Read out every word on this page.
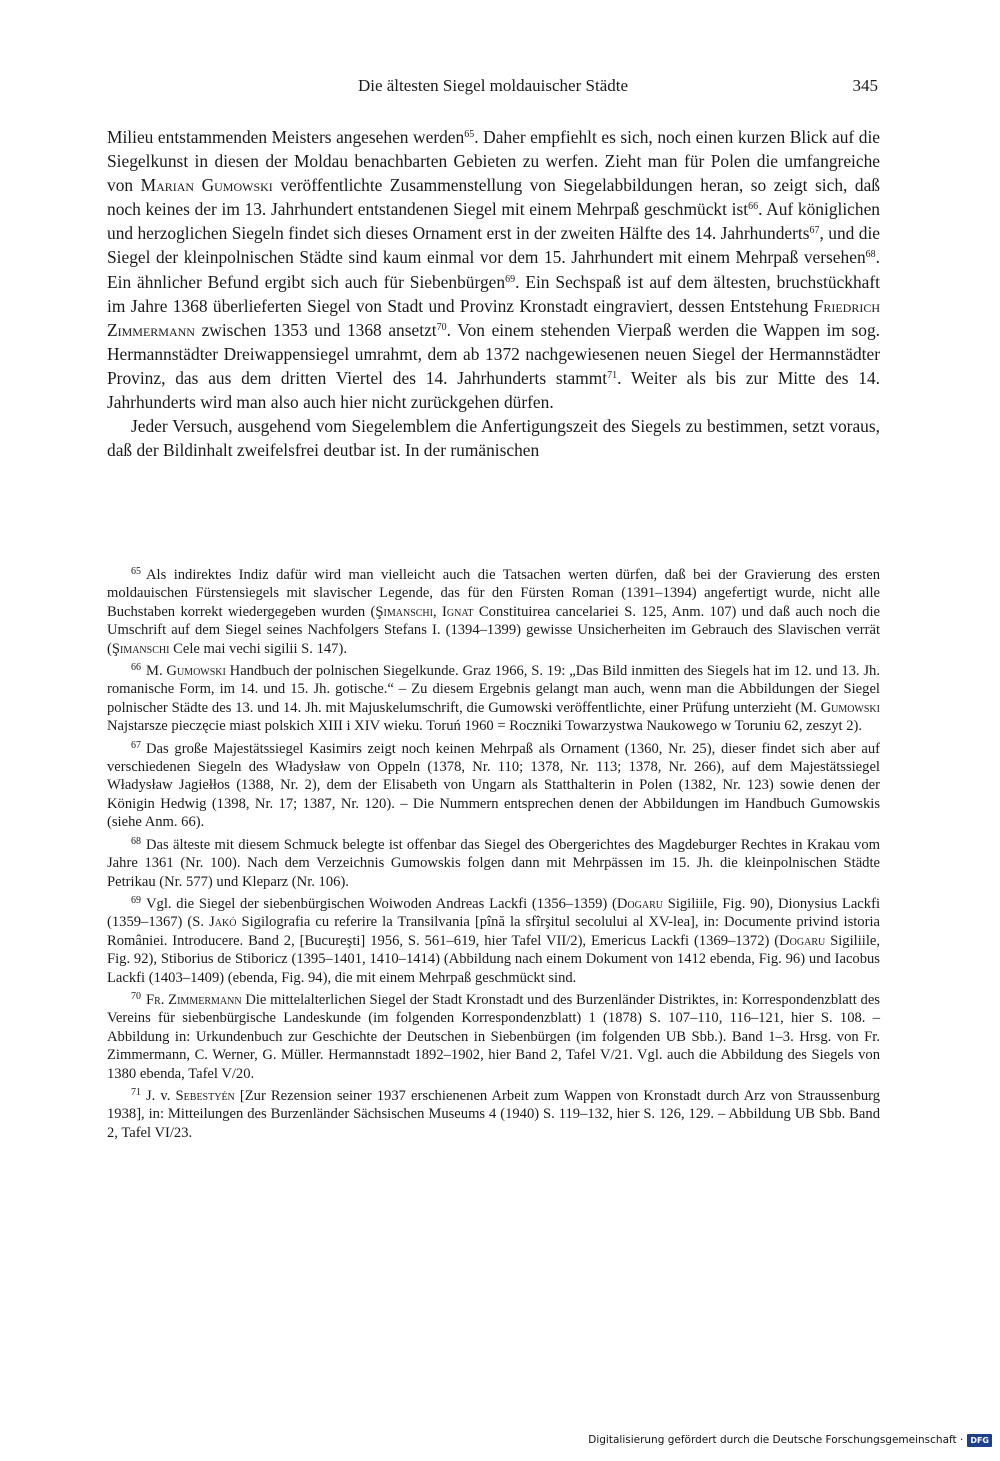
Die ältesten Siegel moldauischer Städte	345

Milieu entstammenden Meisters angesehen werden$^{65}$. Daher empfiehlt es sich, noch einen kurzen Blick auf die Siegelkunst in diesen der Moldau benachbarten Gebieten zu werfen. Zieht man für Polen die umfangreiche von Marian Gumowski veröffentlichte Zusammenstellung von Siegelabbildungen heran, so zeigt sich, daß noch keines der im 13. Jahrhundert entstandenen Siegel mit einem Mehrpaß geschmückt ist$^{66}$. Auf königlichen und herzoglichen Siegeln findet sich dieses Ornament erst in der zweiten Hälfte des 14. Jahrhunderts$^{67}$, und die Siegel der kleinpolnischen Städte sind kaum einmal vor dem 15. Jahrhundert mit einem Mehrpaß versehen$^{68}$. Ein ähnlicher Befund ergibt sich auch für Siebenbürgen$^{69}$. Ein Sechspaß ist auf dem ältesten, bruchstückhaft im Jahre 1368 überlieferten Siegel von Stadt und Provinz Kronstadt eingraviert, dessen Entstehung Friedrich Zimmermann zwischen 1353 und 1368 ansetzt$^{70}$. Von einem stehenden Vierpaß werden die Wappen im sog. Hermannstädter Dreiwappensiegel umrahmt, dem ab 1372 nachgewiesenen neuen Siegel der Hermannstädter Provinz, das aus dem dritten Viertel des 14. Jahrhunderts stammt$^{71}$. Weiter als bis zur Mitte des 14. Jahrhunderts wird man also auch hier nicht zurückgehen dürfen.

Jeder Versuch, ausgehend vom Siegelemblem die Anfertigungszeit des Siegels zu bestimmen, setzt voraus, daß der Bildinhalt zweifelsfrei deutbar ist. In der rumänischen

$^{65}$ Als indirektes Indiz dafür wird man vielleicht auch die Tatsachen werten dürfen, daß bei der Gravierung des ersten moldauischen Fürstensiegels mit slavischer Legende, das für den Fürsten Roman (1391–1394) angefertigt wurde, nicht alle Buchstaben korrekt wiedergegeben wurden (Şimanschi, Ignat Constituirea cancelariei S. 125, Anm. 107) und daß auch noch die Umschrift auf dem Siegel seines Nachfolgers Stefans I. (1394–1399) gewisse Unsicherheiten im Gebrauch des Slavischen verrät (Şimanschi Cele mai vechi sigilii S. 147).

$^{66}$ M. Gumowski Handbuch der polnischen Siegelkunde. Graz 1966, S. 19: „Das Bild inmitten des Siegels hat im 12. und 13. Jh. romanische Form, im 14. und 15. Jh. gotische.“ – Zu diesem Ergebnis gelangt man auch, wenn man die Abbildungen der Siegel polnischer Städte des 13. und 14. Jh. mit Majuskelumschrift, die Gumowski veröffentlichte, einer Prüfung unterzieht (M. Gumowski Najstarsze pieczęcie miast polskich XIII i XIV wieku. Toruń 1960 = Roczniki Towarzystwa Naukowego w Toruniu 62, zeszyt 2).

$^{67}$ Das große Majestätssiegel Kasimirs zeigt noch keinen Mehrpaß als Ornament (1360, Nr. 25), dieser findet sich aber auf verschiedenen Siegeln des Władysław von Oppeln (1378, Nr. 110; 1378, Nr. 113; 1378, Nr. 266), auf dem Majestätssiegel Władysław Jagiełłos (1388, Nr. 2), dem der Elisabeth von Ungarn als Statthalterin in Polen (1382, Nr. 123) sowie denen der Königin Hedwig (1398, Nr. 17; 1387, Nr. 120). – Die Nummern entsprechen denen der Abbildungen im Handbuch Gumowskis (siehe Anm. 66).

$^{68}$ Das älteste mit diesem Schmuck belegte ist offenbar das Siegel des Obergerichtes des Magdeburger Rechtes in Krakau vom Jahre 1361 (Nr. 100). Nach dem Verzeichnis Gumowskis folgen dann mit Mehrpässen im 15. Jh. die kleinpolnischen Städte Petrikau (Nr. 577) und Kleparz (Nr. 106).

$^{69}$ Vgl. die Siegel der siebenbürgischen Woiwoden Andreas Lackfi (1356–1359) (Dogaru Sigiliile, Fig. 90), Dionysius Lackfi (1359–1367) (S. Jakó Sigilografia cu referire la Transilvania [pînă la sfîrşitul secolului al XV-lea], in: Documente privind istoria României. Introducere. Band 2, [Bucureşti] 1956, S. 561–619, hier Tafel VII/2), Emericus Lackfi (1369–1372) (Dogaru Sigiliile, Fig. 92), Stiborius de Stiboricz (1395–1401, 1410–1414) (Abbildung nach einem Dokument von 1412 ebenda, Fig. 96) und Iacobus Lackfi (1403–1409) (ebenda, Fig. 94), die mit einem Mehrpaß geschmückt sind.

$^{70}$ Fr. Zimmermann Die mittelalterlichen Siegel der Stadt Kronstadt und des Burzenländer Distriktes, in: Korrespondenzblatt des Vereins für siebenbürgische Landeskunde (im folgenden Korrespondenzblatt) 1 (1878) S. 107–110, 116–121, hier S. 108. – Abbildung in: Urkundenbuch zur Geschichte der Deutschen in Siebenbürgen (im folgenden UB Sbb.). Band 1–3. Hrsg. von Fr. Zimmermann, C. Werner, G. Müller. Hermannstadt 1892–1902, hier Band 2, Tafel V/21. Vgl. auch die Abbildung des Siegels von 1380 ebenda, Tafel V/20.

$^{71}$ J. v. Sebestyén [Zur Rezension seiner 1937 erschienenen Arbeit zum Wappen von Kronstadt durch Arz von Straussenburg 1938], in: Mitteilungen des Burzenländer Sächsischen Museums 4 (1940) S. 119–132, hier S. 126, 129. – Abbildung UB Sbb. Band 2, Tafel VI/23.

Digitalisierung gefördert durch die Deutsche Forschungsgemeinschaft · DFG
